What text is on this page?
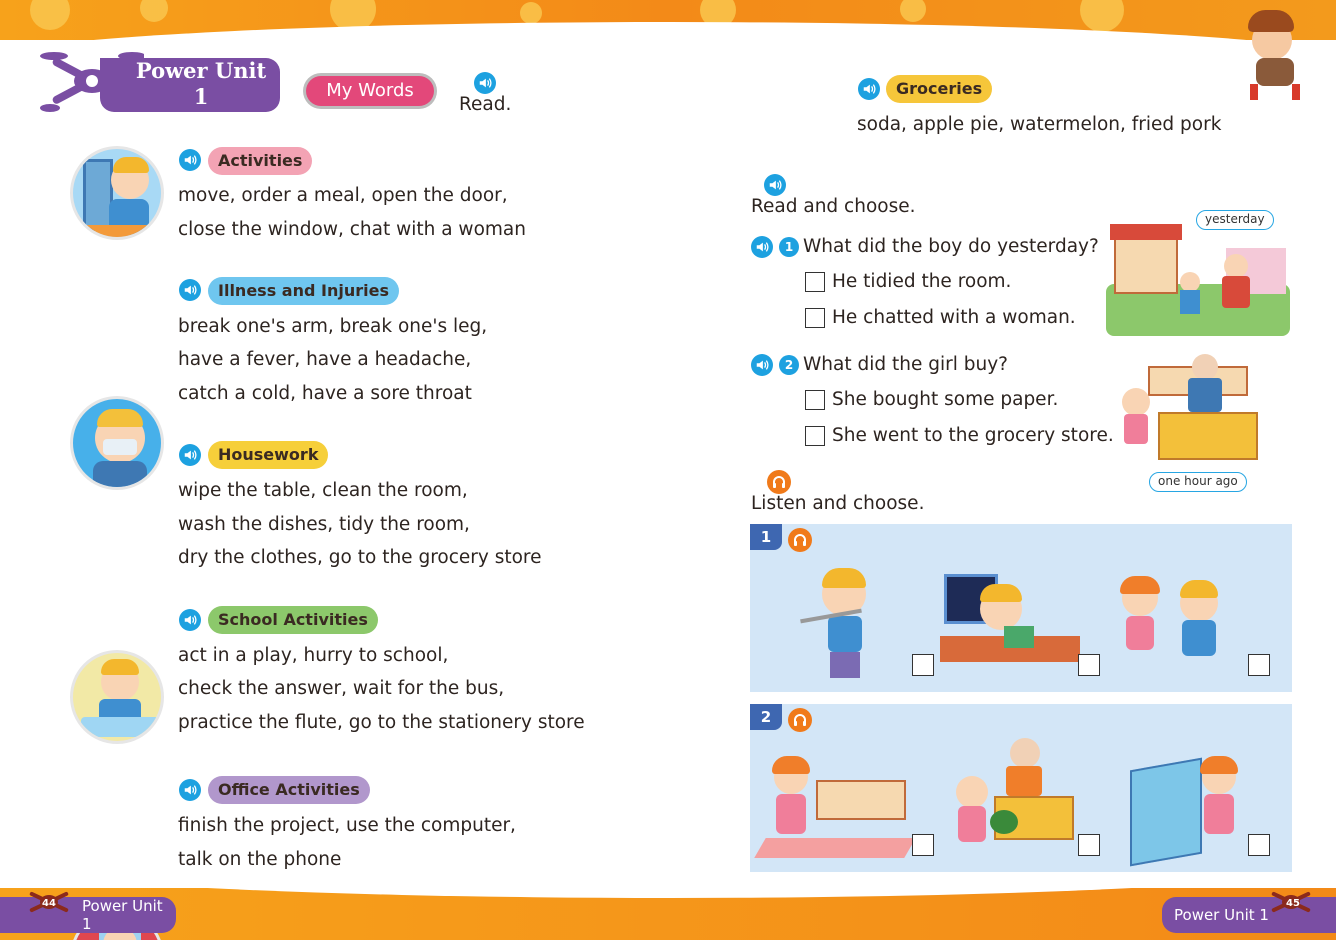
Power Unit
1	My Words
Read.
Activities
move, order a meal, open the door,
close the window, chat with a woman
Illness and Injuries
break one's arm, break one's leg,
have a fever, have a headache,
catch a cold, have a sore throat
Housework
wipe the table, clean the room,
wash the dishes, tidy the room,
dry the clothes, go to the grocery store
School Activities
act in a play, hurry to school,
check the answer, wait for the bus,
practice the flute, go to the stationery store
Office Activities
finish the project, use the computer,
talk on the phone
Power Unit 1
44
Groceries
soda, apple pie, watermelon, fried pork
Read and choose.
1 What did the boy do yesterday?
He tidied the room.
He chatted with a woman.
yesterday
2 What did the girl buy?
She bought some paper.
She went to the grocery store.
one hour ago
Listen and choose.
1
2
Power Unit 1
45
